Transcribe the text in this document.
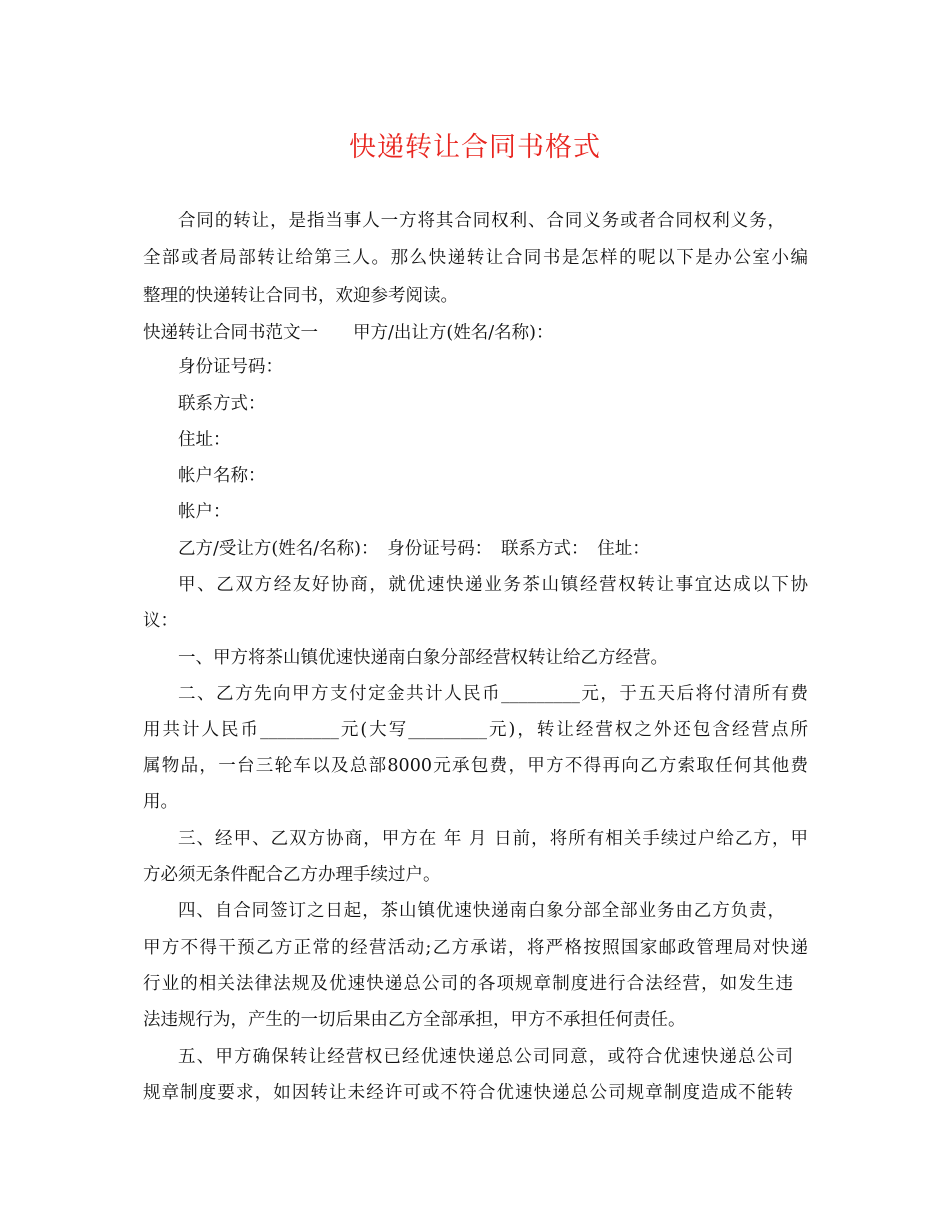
快递转让合同书格式
合同的转让，是指当事人一方将其合同权利、合同义务或者合同权利义务，
全部或者局部转让给第三人。那么快递转让合同书是怎样的呢以下是办公室小编
整理的快递转让合同书，欢迎参考阅读。
快递转让合同书范文一　　甲方/出让方(姓名/名称)：
身份证号码：
联系方式：
住址：
帐户名称：
帐户：
乙方/受让方(姓名/名称)：　身份证号码：　联系方式：　住址：
甲、乙双方经友好协商，就优速快递业务茶山镇经营权转让事宜达成以下协
议：
一、甲方将茶山镇优速快递南白象分部经营权转让给乙方经营。
二、乙方先向甲方支付定金共计人民币_________元，于五天后将付清所有费
用共计人民币_________元(大写_________元)，转让经营权之外还包含经营点所
属物品，一台三轮车以及总部8000元承包费，甲方不得再向乙方索取任何其他费
用。
三、经甲、乙双方协商，甲方在 年 月 日前，将所有相关手续过户给乙方，甲
方必须无条件配合乙方办理手续过户。
四、自合同签订之日起，茶山镇优速快递南白象分部全部业务由乙方负责，
甲方不得干预乙方正常的经营活动;乙方承诺，将严格按照国家邮政管理局对快递
行业的相关法律法规及优速快递总公司的各项规章制度进行合法经营，如发生违
法违规行为，产生的一切后果由乙方全部承担，甲方不承担任何责任。
五、甲方确保转让经营权已经优速快递总公司同意，或符合优速快递总公司
规章制度要求，如因转让未经许可或不符合优速快递总公司规章制度造成不能转
